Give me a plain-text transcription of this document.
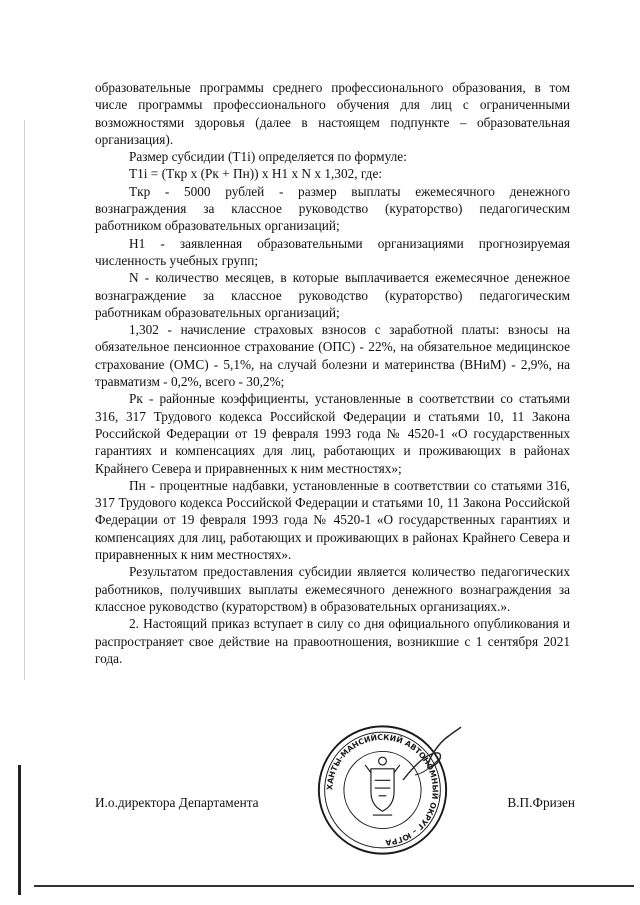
образовательные программы среднего профессионального образования, в том числе программы профессионального обучения для лиц с ограниченными возможностями здоровья (далее в настоящем подпункте – образовательная организация).

Размер субсидии (T1i) определяется по формуле:

T1i = (Tкр x (Pк + Пн)) x H1 x N x 1,302, где:

Tкр - 5000 рублей - размер выплаты ежемесячного денежного вознаграждения за классное руководство (кураторство) педагогическим работником образовательных организаций;

H1 - заявленная образовательными организациями прогнозируемая численность учебных групп;

N - количество месяцев, в которые выплачивается ежемесячное денежное вознаграждение за классное руководство (кураторство) педагогическим работникам образовательных организаций;

1,302 - начисление страховых взносов с заработной платы: взносы на обязательное пенсионное страхование (ОПС) - 22%, на обязательное медицинское страхование (ОМС) - 5,1%, на случай болезни и материнства (ВНиМ) - 2,9%, на травматизм - 0,2%, всего - 30,2%;

Рк - районные коэффициенты, установленные в соответствии со статьями 316, 317 Трудового кодекса Российской Федерации и статьями 10, 11 Закона Российской Федерации от 19 февраля 1993 года № 4520-1 «О государственных гарантиях и компенсациях для лиц, работающих и проживающих в районах Крайнего Севера и приравненных к ним местностях»;

Пн - процентные надбавки, установленные в соответствии со статьями 316, 317 Трудового кодекса Российской Федерации и статьями 10, 11 Закона Российской Федерации от 19 февраля 1993 года № 4520-1 «О государственных гарантиях и компенсациях для лиц, работающих и проживающих в районах Крайнего Севера и приравненных к ним местностях».

Результатом предоставления субсидии является количество педагогических работников, получивших выплаты ежемесячного денежного вознаграждения за классное руководство (кураторством) в образовательных организациях.».

2. Настоящий приказ вступает в силу со дня официального опубликования и распространяет свое действие на правоотношения, возникшие с 1 сентября 2021 года.

И.о.директора Департамента	В.П.Фризен
ХАНТЫ-МАНСИЙСКИЙ АВТОНОМНЫЙ ОКРУГ – ЮГРА
